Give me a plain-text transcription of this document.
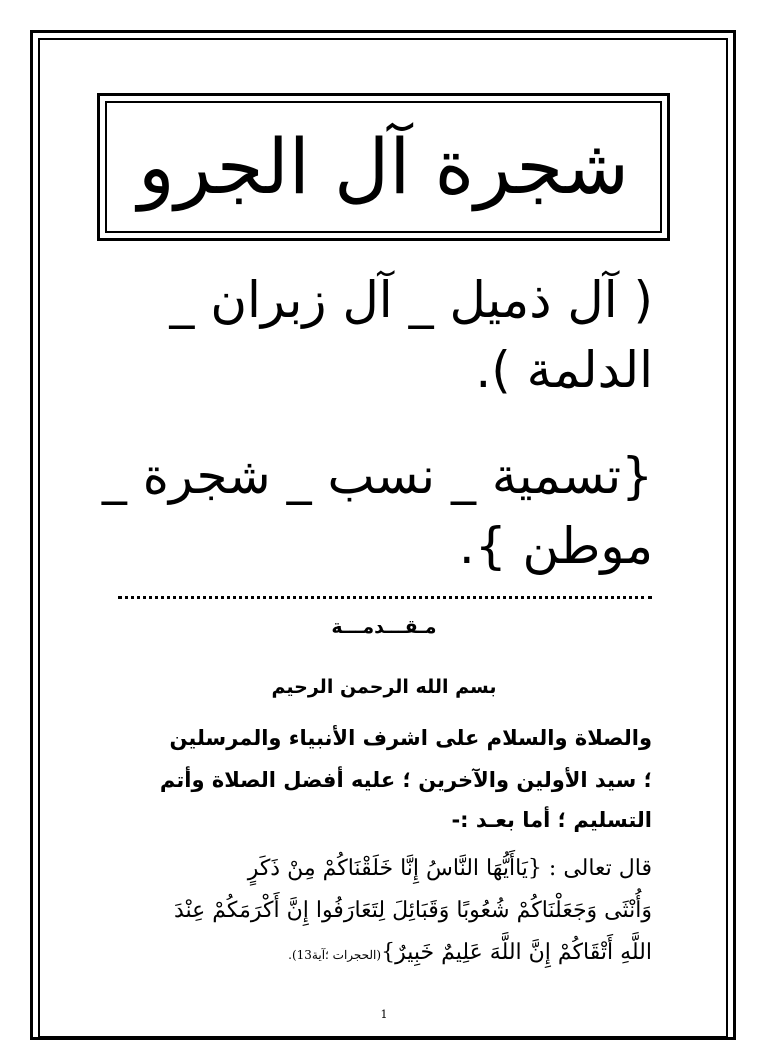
شجرة آل الجرو
( آل ذميل _ آل زبران _
الدلمة ).
{تسمية _ نسب _ شجرة _
موطن }.
مـقـــدمـــة
بسم الله الرحمن الرحيم
والصلاة والسلام على اشرف الأنبياء والمرسلين
؛ سيد الأولين والآخرين ؛ عليه أفضل الصلاة وأتم
التسليم ؛ أما بعـد :-
قال تعالى : {يَاأَيُّهَا النَّاسُ إِنَّا خَلَقْنَاكُمْ مِنْ ذَكَرٍ
وَأُنْثَى وَجَعَلْنَاكُمْ شُعُوبًا وَقَبَائِلَ لِتَعَارَفُوا إِنَّ أَكْرَمَكُمْ عِنْدَ
اللَّهِ أَتْقَاكُمْ إِنَّ اللَّهَ عَلِيمٌ خَبِيرٌ}(الحجرات ؛آية13).
1
